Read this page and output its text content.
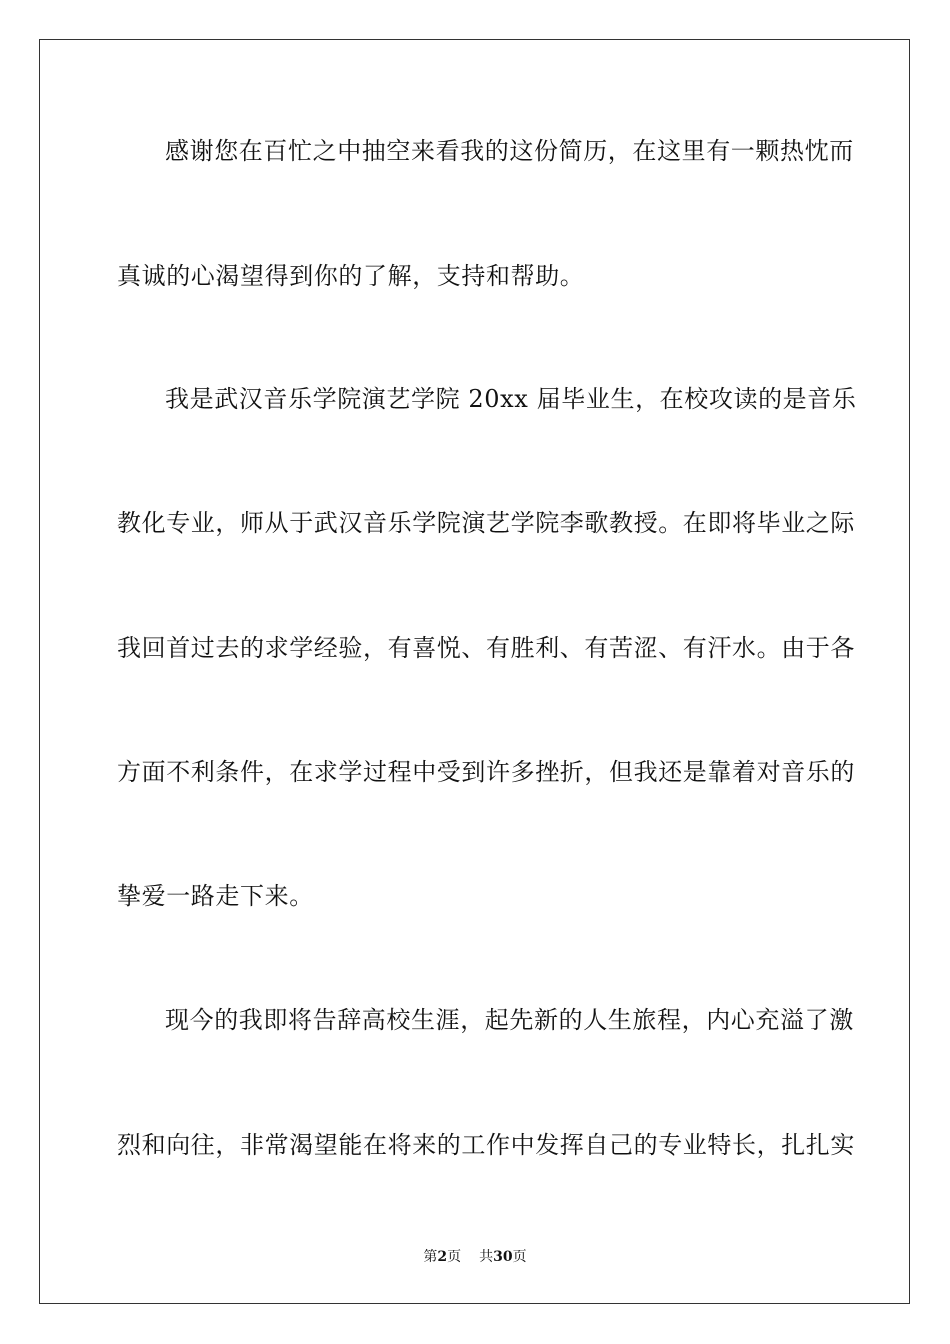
感谢您在百忙之中抽空来看我的这份简历，在这里有一颗热忱而
真诚的心渴望得到你的了解，支持和帮助。
我是武汉音乐学院演艺学院 20xx 届毕业生，在校攻读的是音乐
教化专业，师从于武汉音乐学院演艺学院李歌教授。在即将毕业之际
我回首过去的求学经验，有喜悦、有胜利、有苦涩、有汗水。由于各
方面不利条件，在求学过程中受到许多挫折，但我还是靠着对音乐的
挚爱一路走下来。
现今的我即将告辞高校生涯，起先新的人生旅程，内心充溢了激
烈和向往，非常渴望能在将来的工作中发挥自己的专业特长，扎扎实
第2页 共30页
